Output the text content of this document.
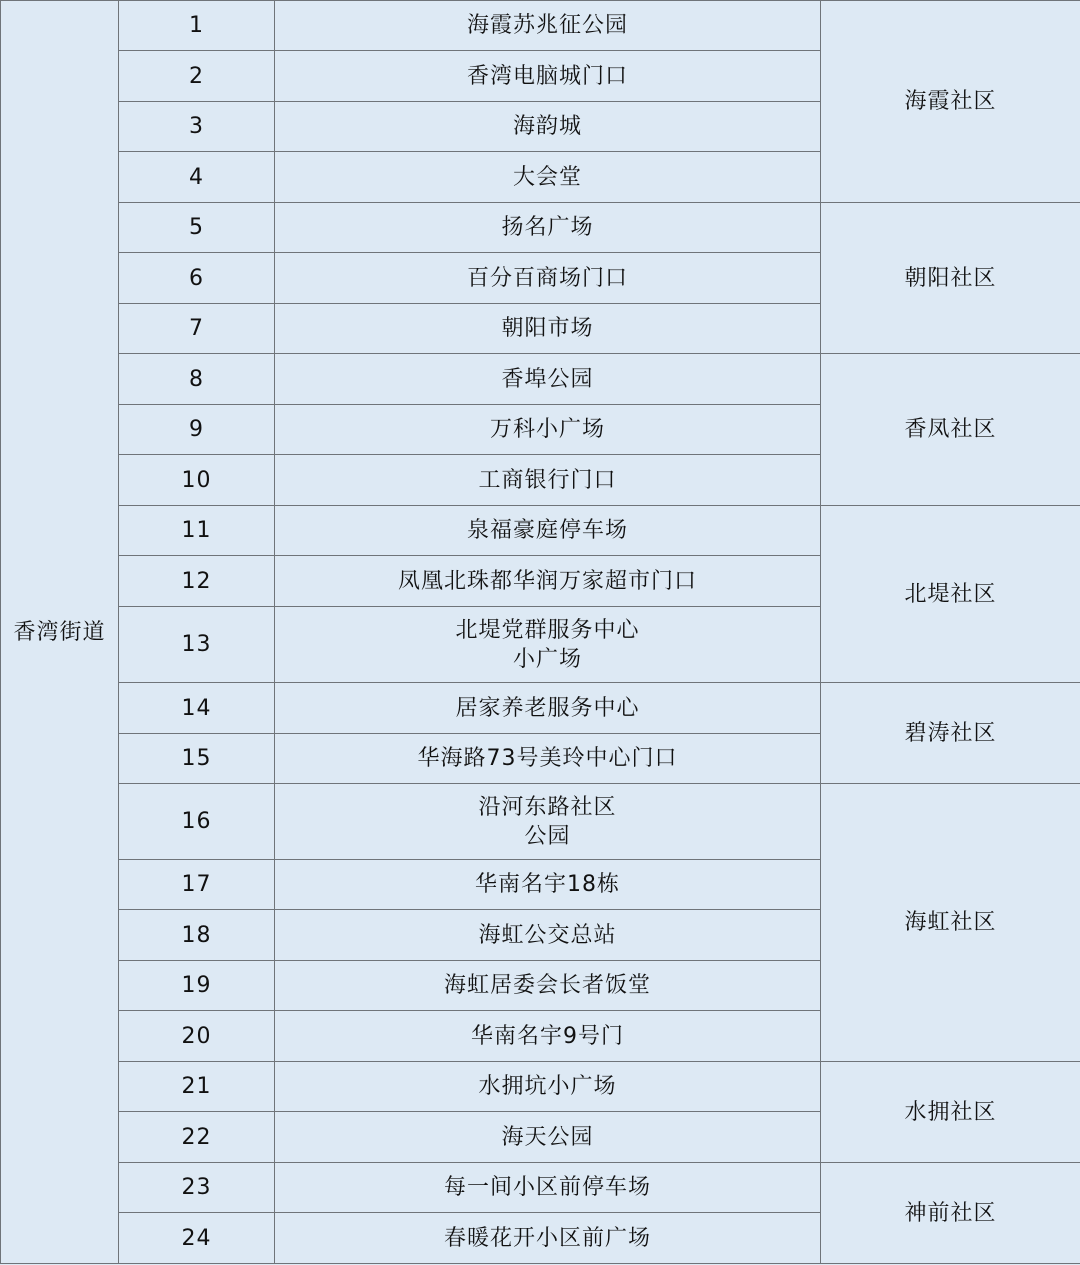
香湾街道	1	海霞苏兆征公园	海霞社区
	2	香湾电脑城门口	
	3	海韵城	
	4	大会堂	
	5	扬名广场	朝阳社区
	6	百分百商场门口	
	7	朝阳市场	
	8	香埠公园	香凤社区
	9	万科小广场	
	10	工商银行门口	
	11	泉福豪庭停车场	北堤社区
	12	凤凰北珠都华润万家超市门口	
	13	北堤党群服务中心
小广场	
	14	居家养老服务中心	碧涛社区
	15	华海路73号美玲中心门口	
	16	沿河东路社区
公园	海虹社区
	17	华南名宇18栋	
	18	海虹公交总站	
	19	海虹居委会长者饭堂	
	20	华南名宇9号门	
	21	水拥坑小广场	水拥社区
	22	海天公园	
	23	每一间小区前停车场	神前社区
	24	春暖花开小区前广场	
